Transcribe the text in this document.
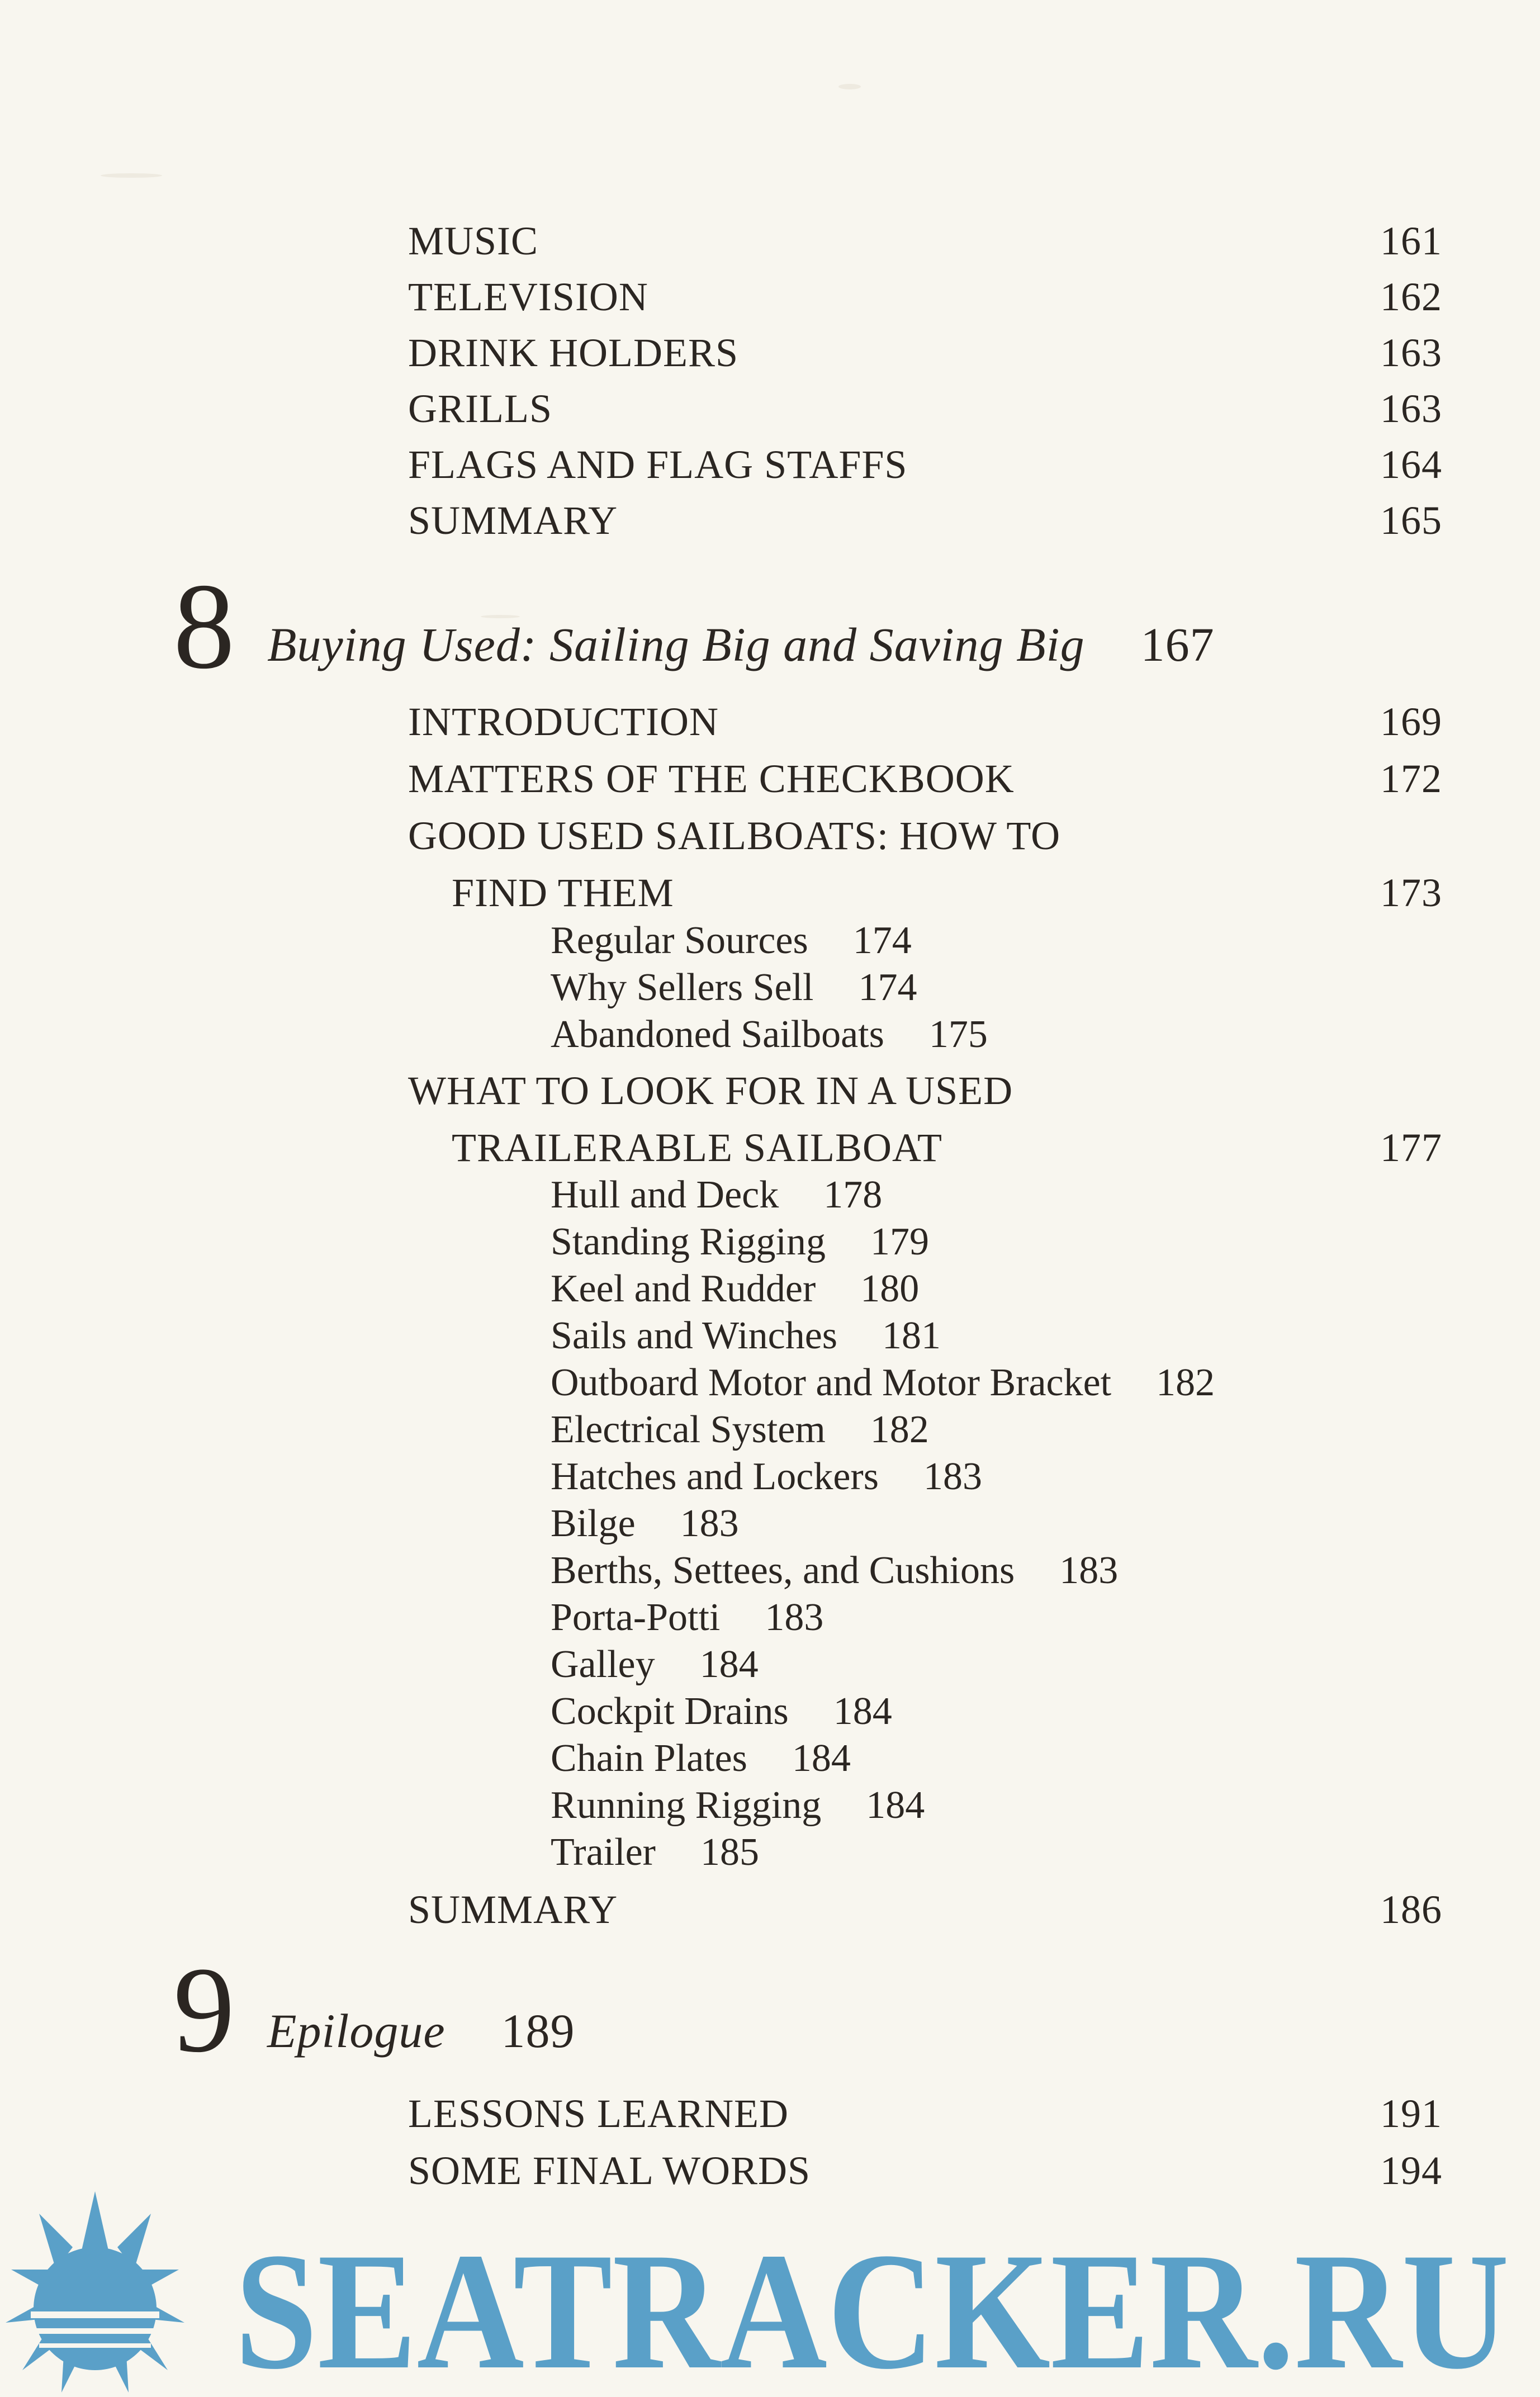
MUSIC	161
TELEVISION	162
DRINK HOLDERS	163
GRILLS	163
FLAGS AND FLAG STAFFS	164
SUMMARY	165
8 Buying Used: Sailing Big and Saving Big 167
INTRODUCTION	169
MATTERS OF THE CHECKBOOK	172
GOOD USED SAILBOATS: HOW TO
FIND THEM	173
Regular Sources 174
Why Sellers Sell 174
Abandoned Sailboats 175
WHAT TO LOOK FOR IN A USED
TRAILERABLE SAILBOAT	177
Hull and Deck 178
Standing Rigging 179
Keel and Rudder 180
Sails and Winches 181
Outboard Motor and Motor Bracket 182
Electrical System 182
Hatches and Lockers 183
Bilge 183
Berths, Settees, and Cushions 183
Porta-Potti 183
Galley 184
Cockpit Drains 184
Chain Plates 184
Running Rigging 184
Trailer 185
SUMMARY	186
9 Epilogue 189
LESSONS LEARNED	191
SOME FINAL WORDS	194
SEATRACKER.RU
